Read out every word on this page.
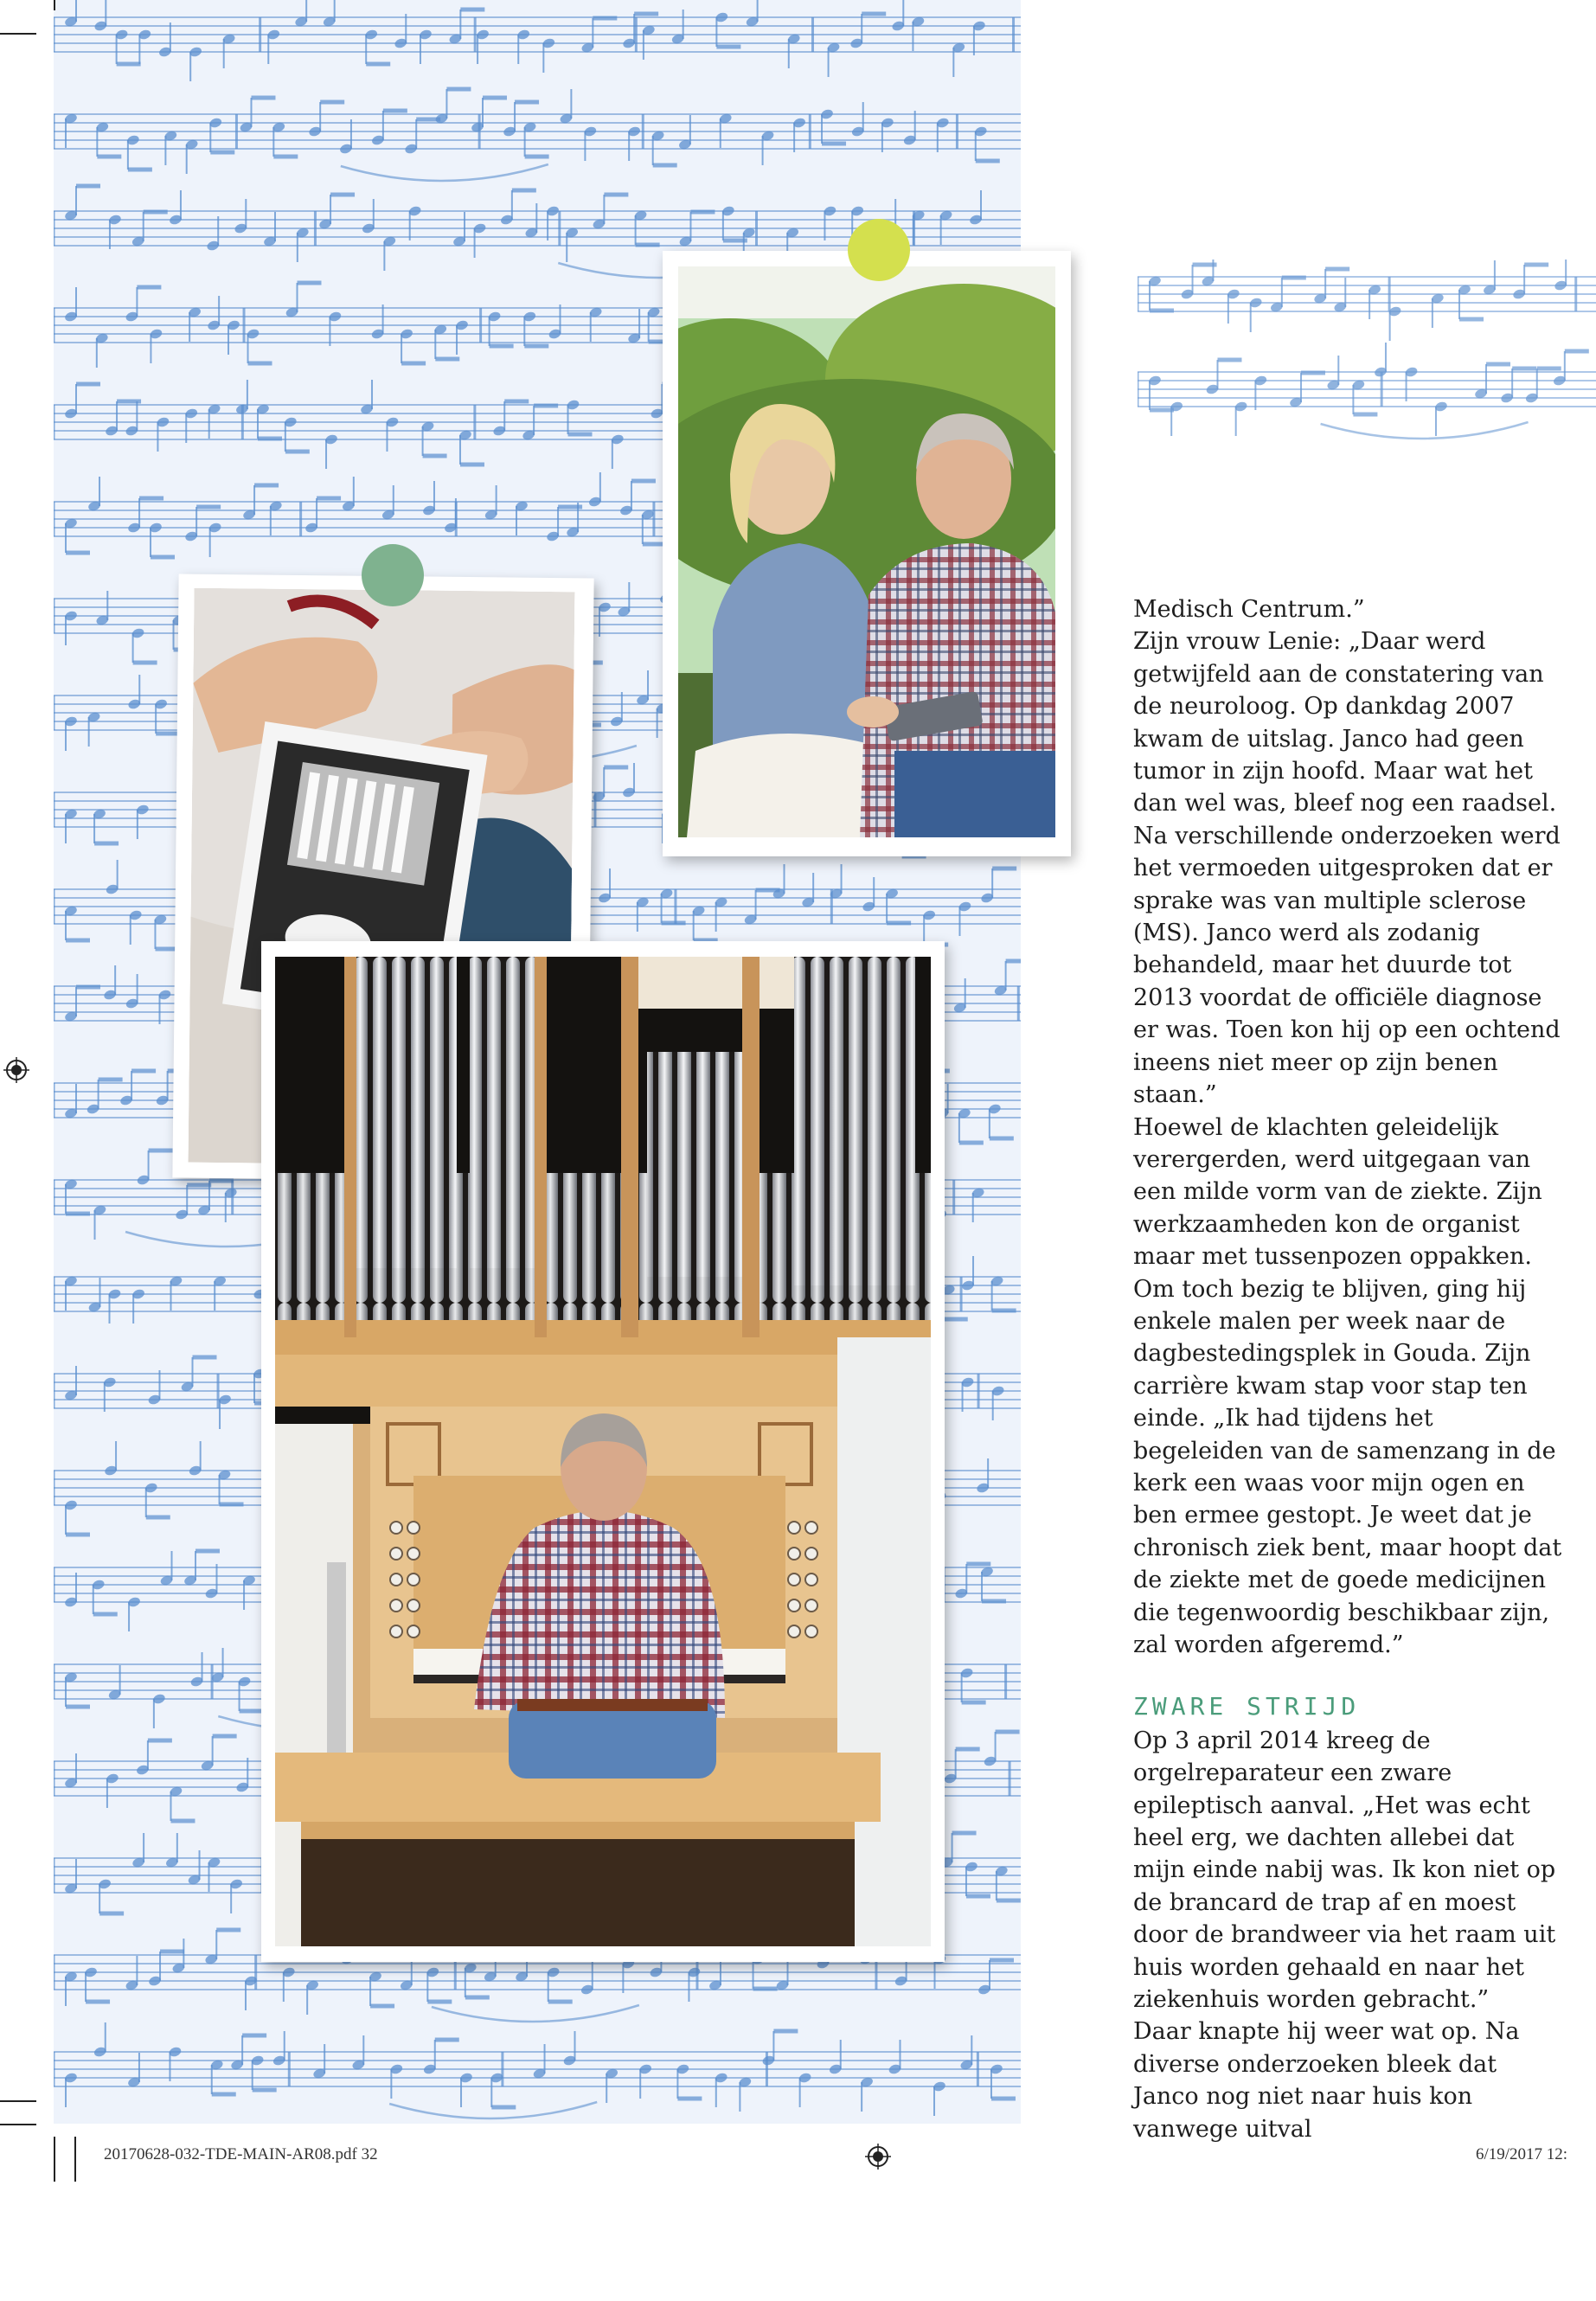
Medisch Centrum.”

Zijn vrouw Lenie: „Daar werd getwijfeld aan de constatering van de neuroloog. Op dankdag 2007 kwam de uitslag. Janco had geen tumor in zijn hoofd. Maar wat het dan wel was, bleef nog een raadsel. Na verschillende onderzoeken werd het vermoeden uitgesproken dat er sprake was van multiple sclerose (MS). Janco werd als zodanig behandeld, maar het duurde tot 2013 voordat de officiële diagnose er was. Toen kon hij op een ochtend ineens niet meer op zijn benen staan.”

Hoewel de klachten geleidelijk verergerden, werd uitgegaan van een milde vorm van de ziekte. Zijn werkzaamheden kon de organist maar met tussenpozen oppakken. Om toch bezig te blijven, ging hij enkele malen per week naar de dagbestedingsplek in Gouda. Zijn carrière kwam stap voor stap ten einde. „Ik had tijdens het begeleiden van de samenzang in de kerk een waas voor mijn ogen en ben ermee gestopt. Je weet dat je chronisch ziek bent, maar hoopt dat de ziekte met de goede medicijnen die tegenwoordig beschikbaar zijn, zal worden afgeremd.”

ZWARE STRIJD

Op 3 april 2014 kreeg de orgelreparateur een zware epileptisch aanval. „Het was echt heel erg, we dachten allebei dat mijn einde nabij was. Ik kon niet op de brancard de trap af en moest door de brandweer via het raam uit huis worden gehaald en naar het ziekenhuis worden gebracht.”

Daar knapte hij weer wat op. Na diverse onderzoeken bleek dat Janco nog niet naar huis kon vanwege uitval

20170628-032-TDE-MAIN-AR08.pdf 32	6/19/2017 12:
